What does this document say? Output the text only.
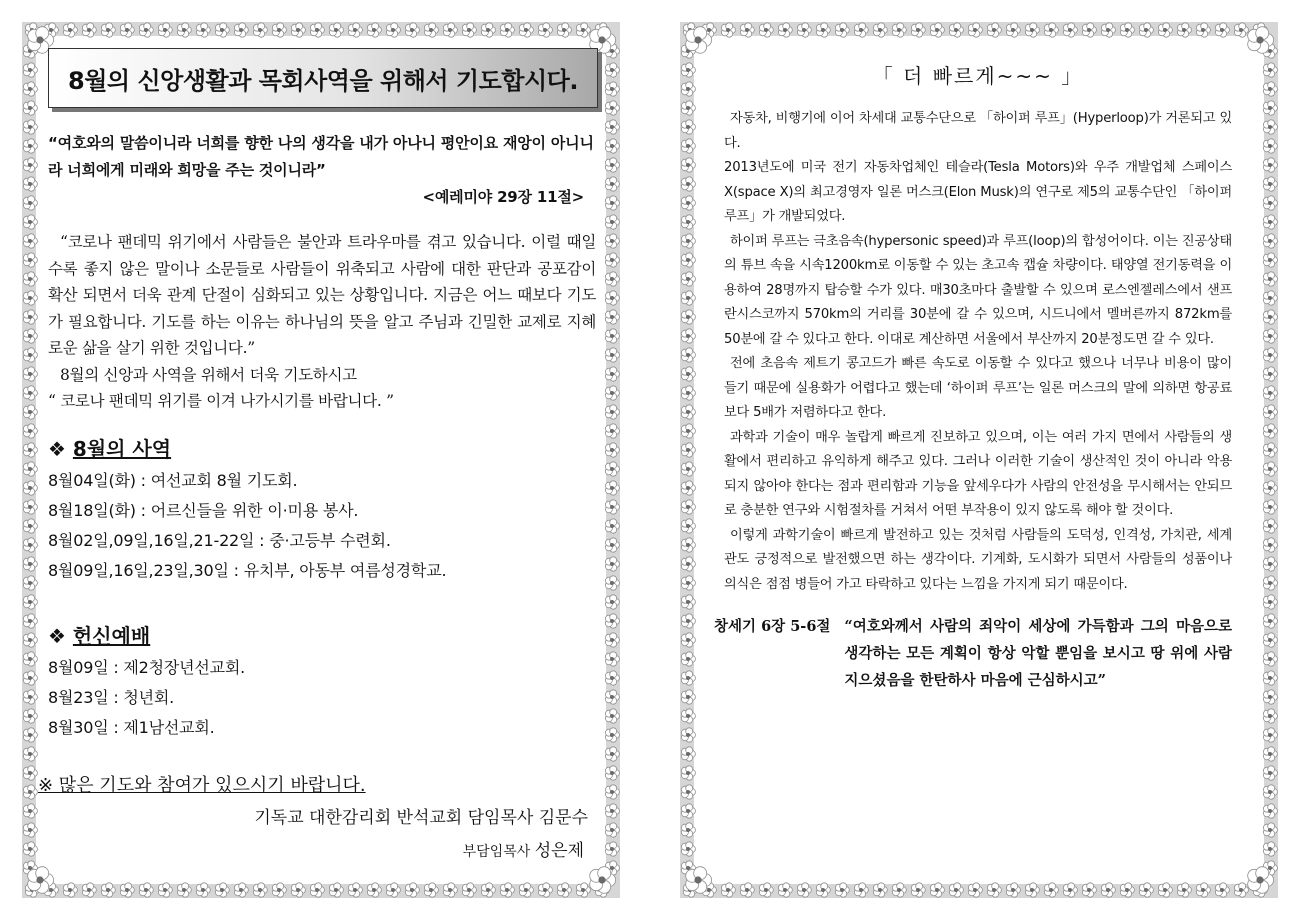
8월의 신앙생활과 목회사역을 위해서 기도합시다.
“여호와의 말씀이니라 너희를 향한 나의 생각을 내가 아나니 평안이요 재앙이 아니니라 너희에게 미래와 희망을 주는 것이니라”
<예레미야 29장 11절>

“코로나 팬데믹 위기에서 사람들은 불안과 트라우마를 겪고 있습니다. 이럴 때일수록 좋지 않은 말이나 소문들로 사람들이 위축되고 사람에 대한 판단과 공포감이 확산 되면서 더욱 관계 단절이 심화되고 있는 상황입니다. 지금은 어느 때보다 기도가 필요합니다. 기도를 하는 이유는 하나님의 뜻을 알고 주님과 긴밀한 교제로 지혜로운 삶을 살기 위한 것입니다.”

8월의 신앙과 사역을 위해서 더욱 기도하시고

“ 코로나 팬데믹 위기를 이겨 나가시기를 바랍니다. ”

❖ 8월의 사역
8월04일(화) : 여선교회 8월 기도회.
8월18일(화) : 어르신들을 위한 이·미용 봉사.
8월02일,09일,16일,21-22일 : 중·고등부 수련회.
8월09일,16일,23일,30일 : 유치부, 아동부 여름성경학교.
❖ 헌신예배
8월09일 : 제2청장년선교회.
8월23일 : 청년회.
8월30일 : 제1남선교회.
※ 많은 기도와 참여가 있으시기 바랍니다.
기독교 대한감리회 반석교회 담임목사 김문수
부담임목사 성은제
「 더 빠르게~~~ 」

자동차, 비행기에 이어 차세대 교통수단으로 「하이퍼 루프」(Hyperloop)가 거론되고 있다.

2013년도에 미국 전기 자동차업체인 테슬라(Tesla Motors)와 우주 개발업체 스페이스X(space X)의 최고경영자 일론 머스크(Elon Musk)의 연구로 제5의 교통수단인 「하이퍼 루프」가 개발되었다.

하이퍼 루프는 극초음속(hypersonic speed)과 루프(loop)의 합성어이다. 이는 진공상태의 튜브 속을 시속1200km로 이동할 수 있는 초고속 캡슐 차량이다. 태양열 전기동력을 이용하여 28명까지 탑승할 수가 있다. 매30초마다 출발할 수 있으며 로스엔젤레스에서 샌프란시스코까지 570km의 거리를 30분에 갈 수 있으며, 시드니에서 멜버른까지 872km를 50분에 갈 수 있다고 한다. 이대로 계산하면 서울에서 부산까지 20분정도면 갈 수 있다.

전에 초음속 제트기 콩고드가 빠른 속도로 이동할 수 있다고 했으나 너무나 비용이 많이 들기 때문에 실용화가 어렵다고 했는데 ‘하이퍼 루프’는 일론 머스크의 말에 의하면 항공료보다 5배가 저렴하다고 한다.

과학과 기술이 매우 놀랍게 빠르게 진보하고 있으며, 이는 여러 가지 면에서 사람들의 생활에서 편리하고 유익하게 해주고 있다. 그러나 이러한 기술이 생산적인 것이 아니라 악용되지 않아야 한다는 점과 편리함과 기능을 앞세우다가 사람의 안전성을 무시해서는 안되므로 충분한 연구와 시험절차를 거쳐서 어떤 부작용이 있지 않도록 해야 할 것이다.

이렇게 과학기술이 빠르게 발전하고 있는 것처럼 사람들의 도덕성, 인격성, 가치관, 세계관도 긍정적으로 발전했으면 하는 생각이다. 기계화, 도시화가 되면서 사람들의 성품이나 의식은 점점 병들어 가고 타락하고 있다는 느낌을 가지게 되기 때문이다.

창세기 6장 5-6절 “여호와께서 사람의 죄악이 세상에 가득함과 그의 마음으로 생각하는 모든 계획이 항상 악할 뿐임을 보시고 땅 위에 사람 지으셨음을 한탄하사 마음에 근심하시고”
